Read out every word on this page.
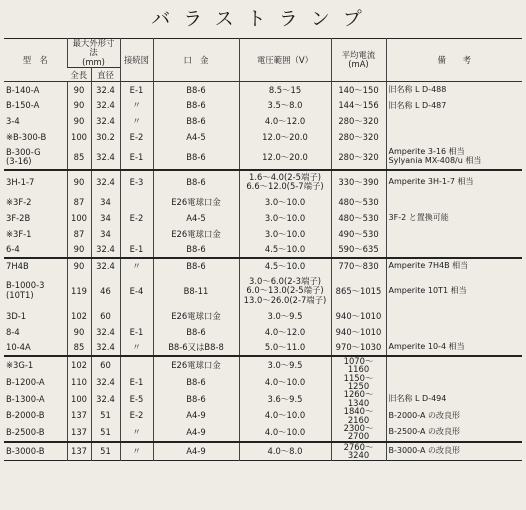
バラストランプ
型　名	最大外形寸法
(mm)		接続図	口　金	電圧範囲（V）	平均電流
(mA)	備　　考
	全長	直径					
B-140-A	90	32.4	E-1	B8-6	8.5～15	140～150	旧名称 L D-488
B-150-A	90	32.4	〃	B8-6	3.5～8.0	144～156	旧名称 L D-487
3-4	90	32.4	〃	B8-6	4.0～12.0	280～320	
※B-300-B	100	30.2	E-2	A4-5	12.0～20.0	280～320	
B-300-G
(3-16)	85	32.4	E-1	B8-6	12.0～20.0	280～320	Amperite 3-16 相当
Sylyania MX-408/u 相当
3H-1-7	90	32.4	E-3	B8-6	1.6～4.0(2-5端子)
6.6～12.0(5-7端子)	330～390	Amperite 3H-1-7 相当
※3F-2	87	34		E26電球口金	3.0～10.0	480～530	
3F-2B	100	34	E-2	A4-5	3.0～10.0	480～530	3F-2 と置換可能
※3F-1	87	34		E26電球口金	3.0～10.0	490～530	
6-4	90	32.4	E-1	B8-6	4.5～10.0	590～635	
7H4B	90	32.4	〃	B8-6	4.5～10.0	770～830	Amperite 7H4B 相当
B-1000-3
(10T1)	119	46	E-4	B8-11	3.0～6.0(2-3端子)
6.0～13.0(2-5端子)
13.0～26.0(2-7端子)	865～1015	Amperite 10T1 相当
3D-1	102	60		E26電球口金	3.0～9.5	940～1010	
8-4	90	32.4	E-1	B8-6	4.0～12.0	940～1010	
10-4A	85	32.4	〃	B8-6又はB8-8	5.0～11.0	970～1030	Amperite 10-4 相当
※3G-1	102	60		E26電球口金	3.0～9.5	1070～1160	
B-1200-A	110	32.4	E-1	B8-6	4.0～10.0	1150～1250	
B-1300-A	100	32.4	E-5	B8-6	3.6～9.5	1260～1340	旧名称 L D-494
B-2000-B	137	51	E-2	A4-9	4.0～10.0	1840～2160	B-2000-A の改良形
B-2500-B	137	51	〃	A4-9	4.0～10.0	2300～2700	B-2500-A の改良形
B-3000-B	137	51	〃	A4-9	4.0～8.0	2760～3240	B-3000-A の改良形
